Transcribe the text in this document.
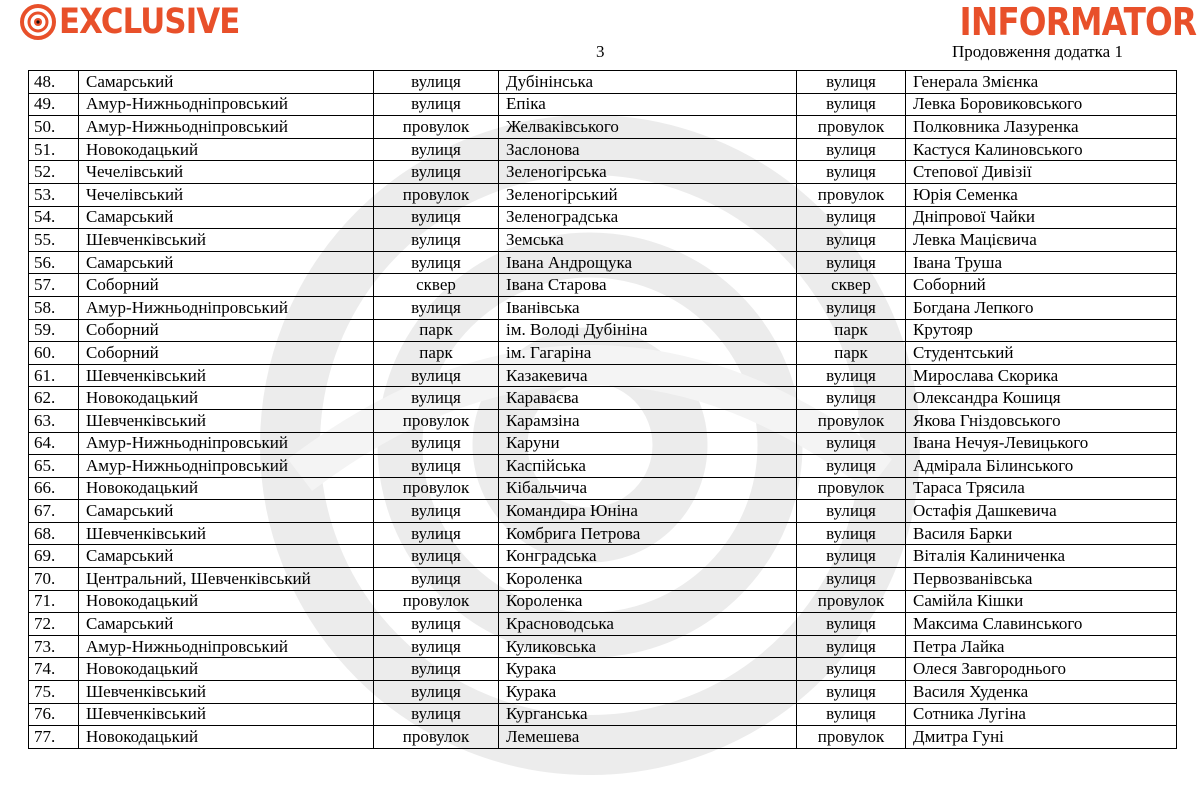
EXCLUSIVE	INFORMATOR
3	Продовження додатка 1
48.	Самарський	вулиця	Дубінінська	вулиця	Генерала Змієнка
49.	Амур-Нижньодніпровський	вулиця	Епіка	вулиця	Левка Боровиковського
50.	Амур-Нижньодніпровський	провулок	Желваківського	провулок	Полковника Лазуренка
51.	Новокодацький	вулиця	Заслонова	вулиця	Кастуся Калиновського
52.	Чечелівський	вулиця	Зеленогірська	вулиця	Степової Дивізії
53.	Чечелівський	провулок	Зеленогірський	провулок	Юрія Семенка
54.	Самарський	вулиця	Зеленоградська	вулиця	Дніпрової Чайки
55.	Шевченківський	вулиця	Земська	вулиця	Левка Мацієвича
56.	Самарський	вулиця	Івана Андрощука	вулиця	Івана Труша
57.	Соборний	сквер	Івана Старова	сквер	Соборний
58.	Амур-Нижньодніпровський	вулиця	Іванівська	вулиця	Богдана Лепкого
59.	Соборний	парк	ім. Володі Дубініна	парк	Крутояр
60.	Соборний	парк	ім. Гагаріна	парк	Студентський
61.	Шевченківський	вулиця	Казакевича	вулиця	Мирослава Скорика
62.	Новокодацький	вулиця	Караваєва	вулиця	Олександра Кошиця
63.	Шевченківський	провулок	Карамзіна	провулок	Якова Гніздовського
64.	Амур-Нижньодніпровський	вулиця	Каруни	вулиця	Івана Нечуя-Левицького
65.	Амур-Нижньодніпровський	вулиця	Каспійська	вулиця	Адмірала Білинського
66.	Новокодацький	провулок	Кібальчича	провулок	Тараса Трясила
67.	Самарський	вулиця	Командира Юніна	вулиця	Остафія Дашкевича
68.	Шевченківський	вулиця	Комбрига Петрова	вулиця	Василя Барки
69.	Самарський	вулиця	Конградська	вулиця	Віталія Калиниченка
70.	Центральний, Шевченківський	вулиця	Короленка	вулиця	Первозванівська
71.	Новокодацький	провулок	Короленка	провулок	Самійла Кішки
72.	Самарський	вулиця	Красноводська	вулиця	Максима Славинського
73.	Амур-Нижньодніпровський	вулиця	Куликовська	вулиця	Петра Лайка
74.	Новокодацький	вулиця	Курака	вулиця	Олеся Завгороднього
75.	Шевченківський	вулиця	Курака	вулиця	Василя Худенка
76.	Шевченківський	вулиця	Курганська	вулиця	Сотника Лугіна
77.	Новокодацький	провулок	Лемешева	провулок	Дмитра Гуні
